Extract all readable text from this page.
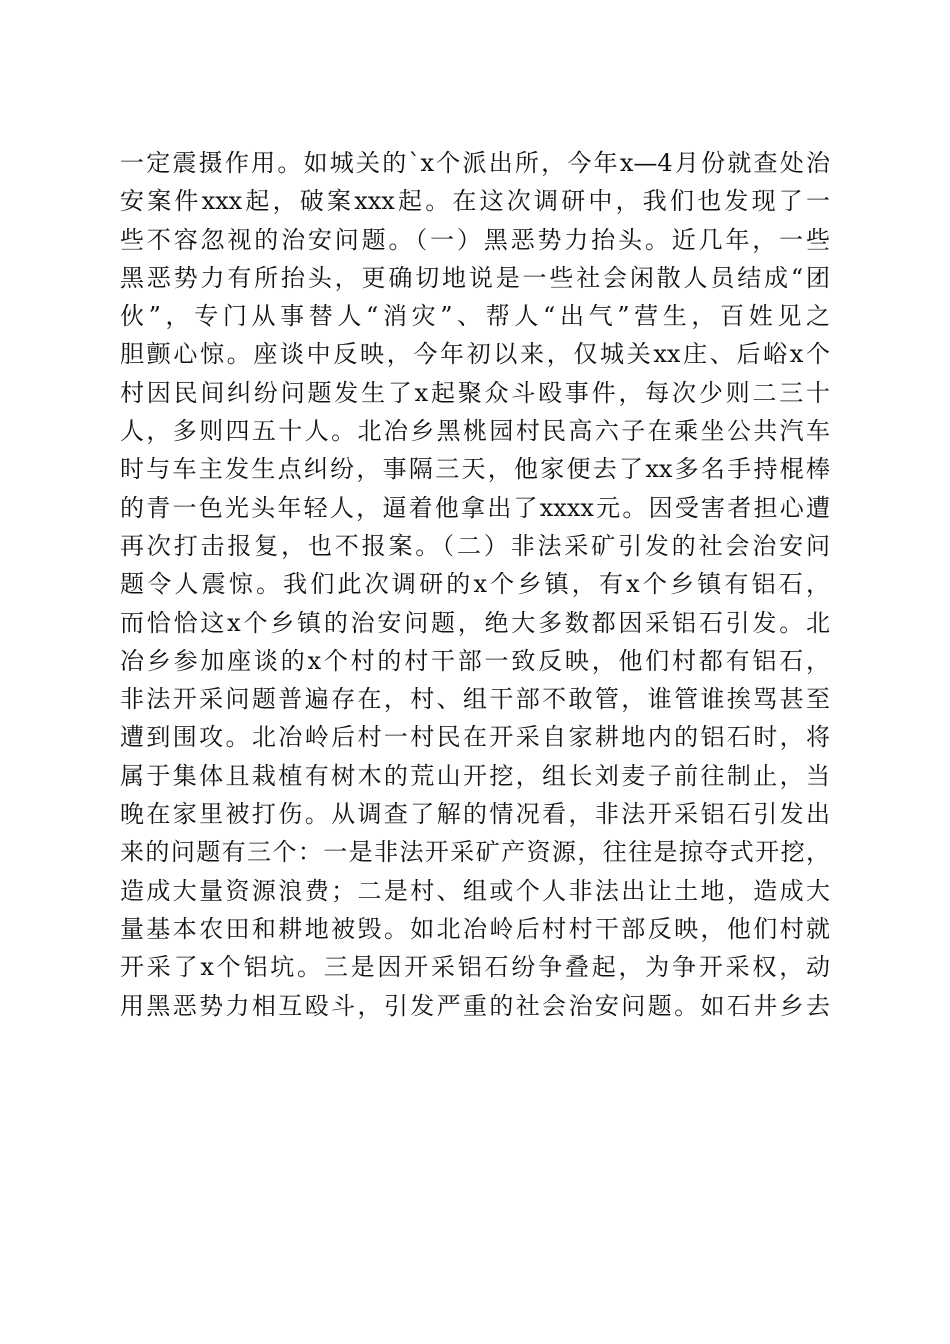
一定震摄作用。如城关的`x个派出所，今年x—4月份就查处治
安案件xxx起，破案xxx起。在这次调研中，我们也发现了一
些不容忽视的治安问题。（一）黑恶势力抬头。近几年，一些
黑恶势力有所抬头，更确切地说是一些社会闲散人员结成“团
伙”，专门从事替人“消灾”、帮人“出气”营生，百姓见之
胆颤心惊。座谈中反映，今年初以来，仅城关xx庄、后峪x个
村因民间纠纷问题发生了x起聚众斗殴事件，每次少则二三十
人，多则四五十人。北冶乡黑桃园村民高六子在乘坐公共汽车
时与车主发生点纠纷，事隔三天，他家便去了xx多名手持棍棒
的青一色光头年轻人，逼着他拿出了xxxx元。因受害者担心遭
再次打击报复，也不报案。（二）非法采矿引发的社会治安问
题令人震惊。我们此次调研的x个乡镇，有x个乡镇有铝石，
而恰恰这x个乡镇的治安问题，绝大多数都因采铝石引发。北
冶乡参加座谈的x个村的村干部一致反映，他们村都有铝石，
非法开采问题普遍存在，村、组干部不敢管，谁管谁挨骂甚至
遭到围攻。北冶岭后村一村民在开采自家耕地内的铝石时，将
属于集体且栽植有树木的荒山开挖，组长刘麦子前往制止，当
晚在家里被打伤。从调查了解的情况看，非法开采铝石引发出
来的问题有三个：一是非法开采矿产资源，往往是掠夺式开挖，
造成大量资源浪费；二是村、组或个人非法出让土地，造成大
量基本农田和耕地被毁。如北冶岭后村村干部反映，他们村就
开采了x个铝坑。三是因开采铝石纷争叠起，为争开采权，动
用黑恶势力相互殴斗，引发严重的社会治安问题。如石井乡去
